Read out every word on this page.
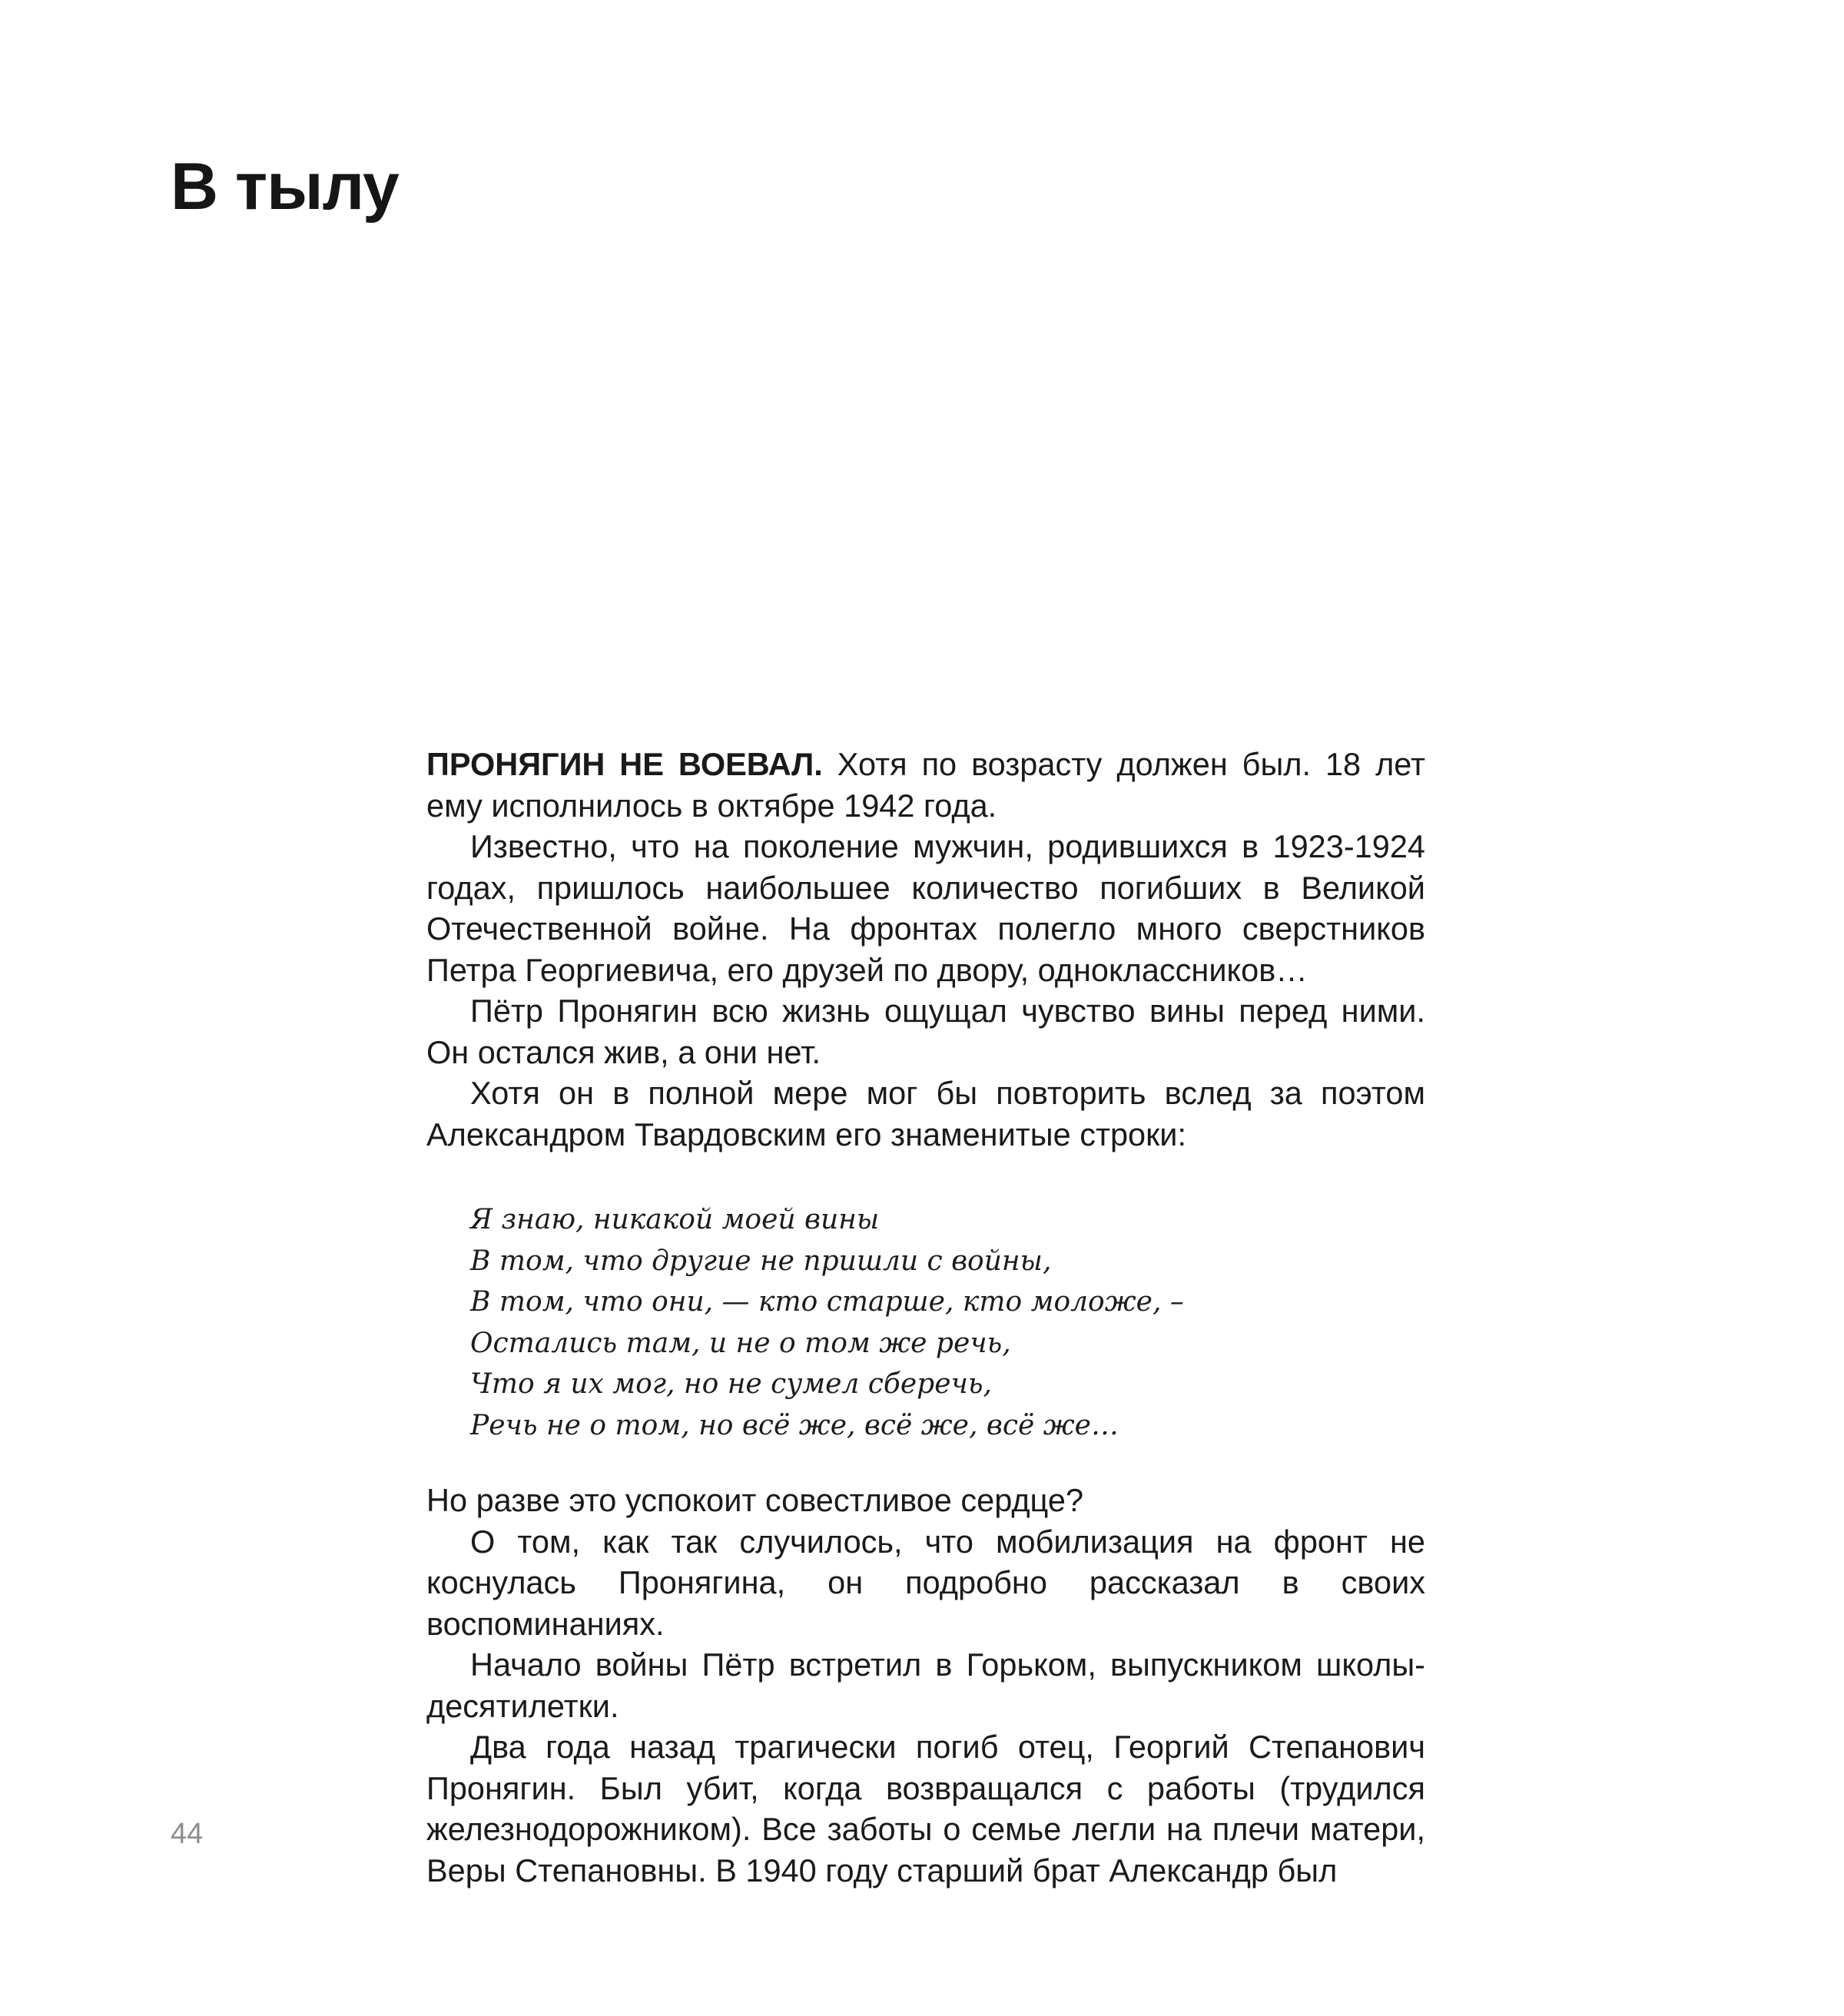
В тылу

ПРОНЯГИН НЕ ВОЕВАЛ. Хотя по возрасту должен был. 18 лет ему исполнилось в октябре 1942 года.

Известно, что на поколение мужчин, родившихся в 1923-1924 годах, пришлось наибольшее количество погибших в Великой Отечественной войне. На фронтах полегло много сверстников Петра Георгиевича, его друзей по двору, одноклассников…

Пётр Пронягин всю жизнь ощущал чувство вины перед ними. Он остался жив, а они нет.

Хотя он в полной мере мог бы повторить вслед за поэтом Александром Твардовским его знаменитые строки:

Я знаю, никакой моей вины
В том, что другие не пришли с войны,
В том, что они, — кто старше, кто моложе, –
Остались там, и не о том же речь,
Что я их мог, но не сумел сберечь,
Речь не о том, но всё же, всё же, всё же…

Но разве это успокоит совестливое сердце?

О том, как так случилось, что мобилизация на фронт не коснулась Пронягина, он подробно рассказал в своих воспоминаниях.

Начало войны Пётр встретил в Горьком, выпускником школы-десятилетки.

Два года назад трагически погиб отец, Георгий Степанович Пронягин. Был убит, когда возвращался с работы (трудился железнодорожником). Все заботы о семье легли на плечи матери, Веры Степановны. В 1940 году старший брат Александр был

44
